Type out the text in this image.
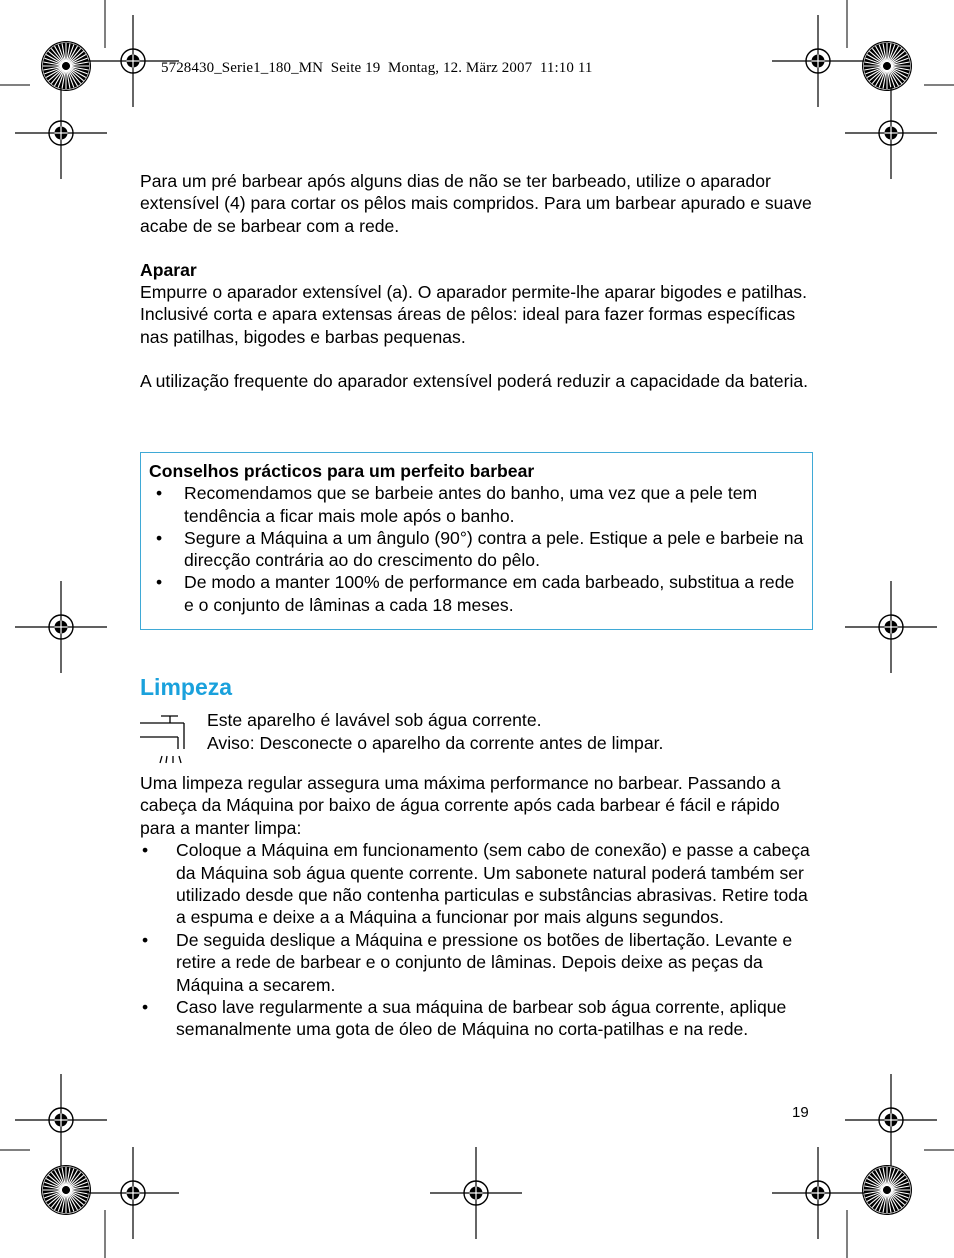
5728430_Serie1_180_MN  Seite 19  Montag, 12. März 2007  11:10 11

Para um pré barbear após alguns dias de não se ter barbeado, utilize o aparador extensível (4) para cortar os pêlos mais compridos. Para um barbear apurado e suave acabe de se barbear com a rede.

Aparar

Empurre o aparador extensível (a). O aparador permite-lhe aparar bigodes e patilhas. Inclusivé corta e apara extensas áreas de pêlos: ideal para fazer formas específicas nas patilhas, bigodes e barbas pequenas.

A utilização frequente do aparador extensível poderá reduzir a capacidade da bateria.

Conselhos prácticos para um perfeito barbear

• Recomendamos que se barbeie antes do banho, uma vez que a pele tem tendência a ficar mais mole após o banho.
• Segure a Máquina a um ângulo (90°) contra a pele. Estique a pele e barbeie na direcção contrária ao do crescimento do pêlo.
• De modo a manter 100% de performance em cada barbeado, substitua a rede e o conjunto de lâminas a cada 18 meses.
Limpeza

Este aparelho é lavável sob água corrente.

Aviso: Desconecte o aparelho da corrente antes de limpar.

Uma limpeza regular assegura uma máxima performance no barbear. Passando a cabeça da Máquina por baixo de água corrente após cada barbear é fácil e rápido para a manter limpa:

• Coloque a Máquina em funcionamento (sem cabo de conexão) e passe a cabeça da Máquina sob água quente corrente. Um sabonete natural poderá também ser utilizado desde que não contenha particulas e substâncias abrasivas. Retire toda a espuma e deixe a a Máquina a funcionar por mais alguns segundos.
• De seguida deslique a Máquina e pressione os botões de libertação. Levante e retire a rede de barbear e o conjunto de lâminas. Depois deixe as peças da Máquina a secarem.
• Caso lave regularmente a sua máquina de barbear sob água corrente, aplique semanalmente uma gota de óleo de Máquina no corta-patilhas e na rede.
19
